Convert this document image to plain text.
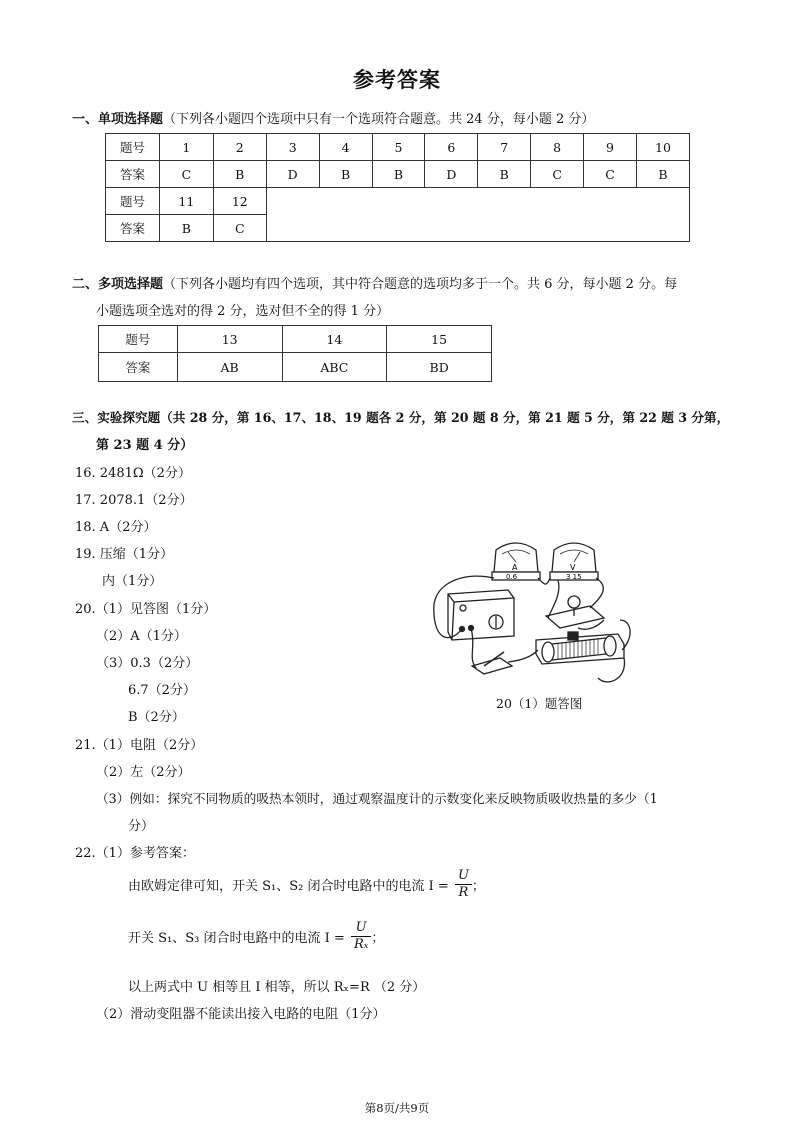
参考答案
一、单项选择题（下列各小题四个选项中只有一个选项符合题意。共 24 分，每小题 2 分）
题号	1	2	3	4	5	6	7	8	9	10
答案	C	B	D	B	B	D	B	C	C	B
题号	11	12								
答案	B	C								
二、多项选择题（下列各小题均有四个选项，其中符合题意的选项均多于一个。共 6 分，每小题 2 分。每
小题选项全选对的得 2 分，选对但不全的得 1 分）
题号	13	14	15
答案	AB	ABC	BD
三、实验探究题（共 28 分，第 16、17、18、19 题各 2 分，第 20 题 8 分，第 21 题 5 分，第 22 题 3 分第，
第 23 题 4 分）
16. 2481Ω（2分）
17. 2078.1（2分）
18. A（2分）
19. 压缩（1分）
内（1分）
20.（1）见答图（1分）
（2）A（1分）
（3）0.3（2分）
6.7（2分）
B（2分）
A	V
0.6	3 15
20（1）题答图
21.（1）电阻（2分）
（2）左（2分）
（3）例如：探究不同物质的吸热本领时，通过观察温度计的示数变化来反映物质吸收热量的多少（1
分）
22.（1）参考答案：
由欧姆定律可知，开关 S₁、S₂ 闭合时电路中的电流 $I = \frac{U}{R}$ ；
开关 S₁、S₃ 闭合时电路中的电流 $I = \frac{U}{\text{Rₓ}}$ ；
以上两式中 U 相等且 I 相等，所以 Rₓ=R （2 分）
（2）滑动变阻器不能读出接入电路的电阻（1分）
第8页/共9页
